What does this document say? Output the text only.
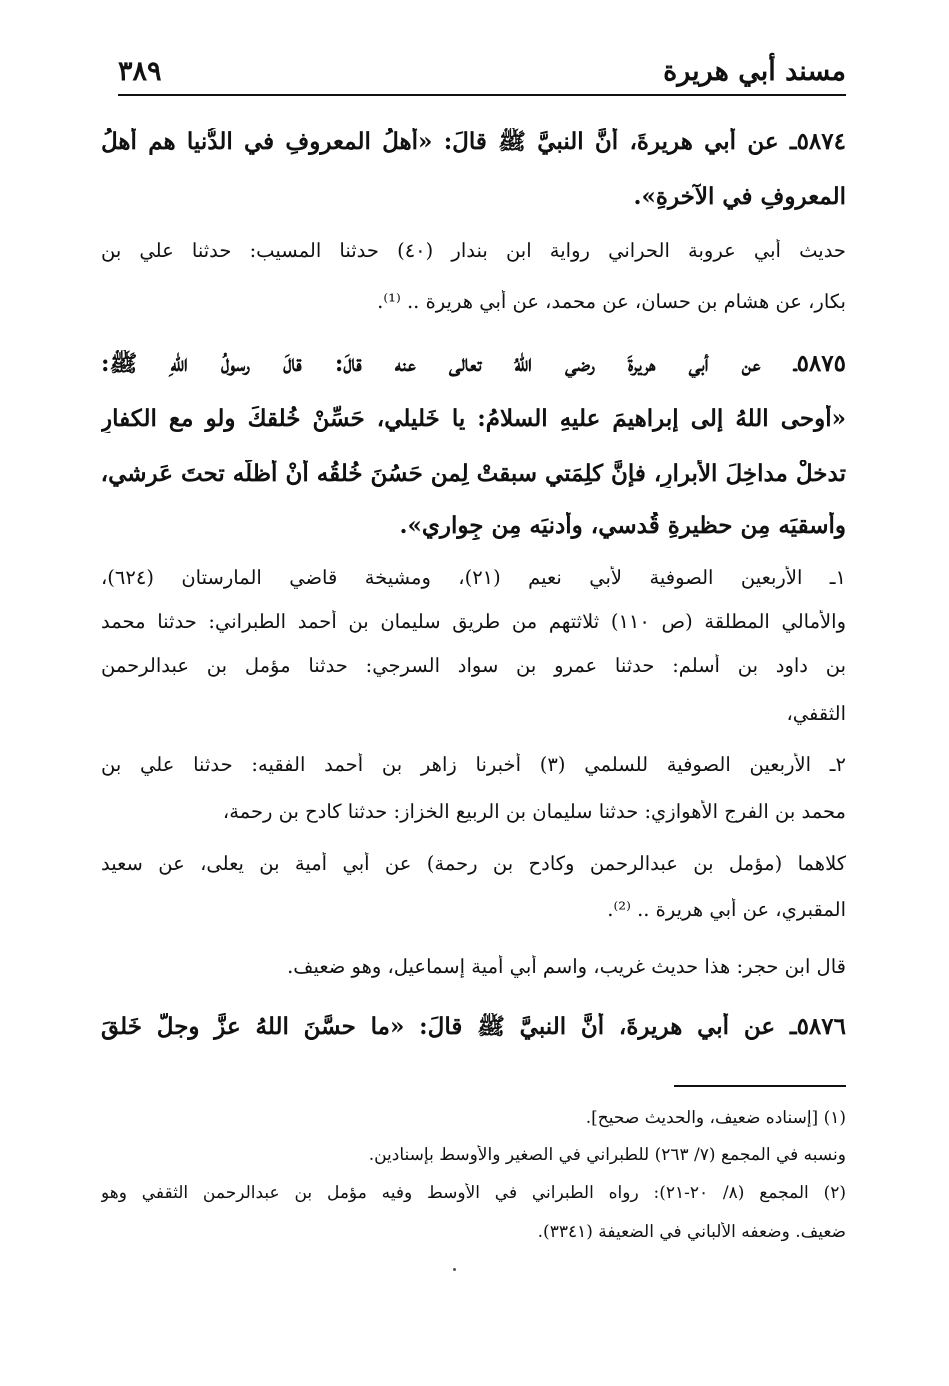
مسند أبي هريرة
٣٨٩
٥٨٧٤ـ عن أبي هريرةَ، أنَّ النبيَّ ﷺ قالَ: «أهلُ المعروفِ في الدُّنيا هم أهلُ
المعروفِ في الآخرةِ».
حديث أبي عروبة الحراني رواية ابن بندار (٤٠) حدثنا المسيب: حدثنا علي بن
بكار، عن هشام بن حسان، عن محمد، عن أبي هريرة .. ⁽¹⁾.
٥٨٧٥ـ عن أبي هريرةَ رضي اللهُ تعالى عنه قالَ: قالَ رسولُ اللهِ ﷺ:
«أَوحى اللهُ إلى إبراهيمَ عليهِ السلامُ: يا خَليلي، حَسِّنْ خُلقكَ ولو مع الكفارِ
تدخلْ مداخِلَ الأبرارِ، فإنَّ كلِمَتي سبقتْ لِمن حَسُنَ خُلقُه أنْ أُظلَّه تحتَ عَرشي،
وأَسقيَه مِن حظيرةِ قُدسي، وأُدنيَه مِن جِواري».
١ـ الأربعين الصوفية لأبي نعيم (٢١)، ومشيخة قاضي المارستان (٦٢٤)،
والأمالي المطلقة (ص ١١٠) ثلاثتهم من طريق سليمان بن أحمد الطبراني: حدثنا محمد
بن داود بن أسلم: حدثنا عمرو بن سواد السرجي: حدثنا مؤمل بن عبدالرحمن
الثقفي،
٢ـ الأربعين الصوفية للسلمي (٣) أخبرنا زاهر بن أحمد الفقيه: حدثنا علي بن
محمد بن الفرج الأهوازي: حدثنا سليمان بن الربيع الخزاز: حدثنا كادح بن رحمة،
كلاهما (مؤمل بن عبدالرحمن وكادح بن رحمة) عن أبي أمية بن يعلى، عن سعيد
المقبري، عن أبي هريرة .. ⁽²⁾.
قال ابن حجر: هذا حديث غريب، واسم أبي أمية إسماعيل، وهو ضعيف.
٥٨٧٦ـ عن أبي هريرةَ، أنَّ النبيَّ ﷺ قالَ: «ما حسَّنَ اللهُ عزَّ وجلَّ خَلقَ
(١) [إسناده ضعيف، والحديث صحيح].
ونسبه في المجمع (٧/ ٢٦٣) للطبراني في الصغير والأوسط بإسنادين.
(٢) المجمع (٨/ ٢٠-٢١): رواه الطبراني في الأوسط وفيه مؤمل بن عبدالرحمن الثقفي وهو
ضعيف. وضعفه الألباني في الضعيفة (٣٣٤١).
